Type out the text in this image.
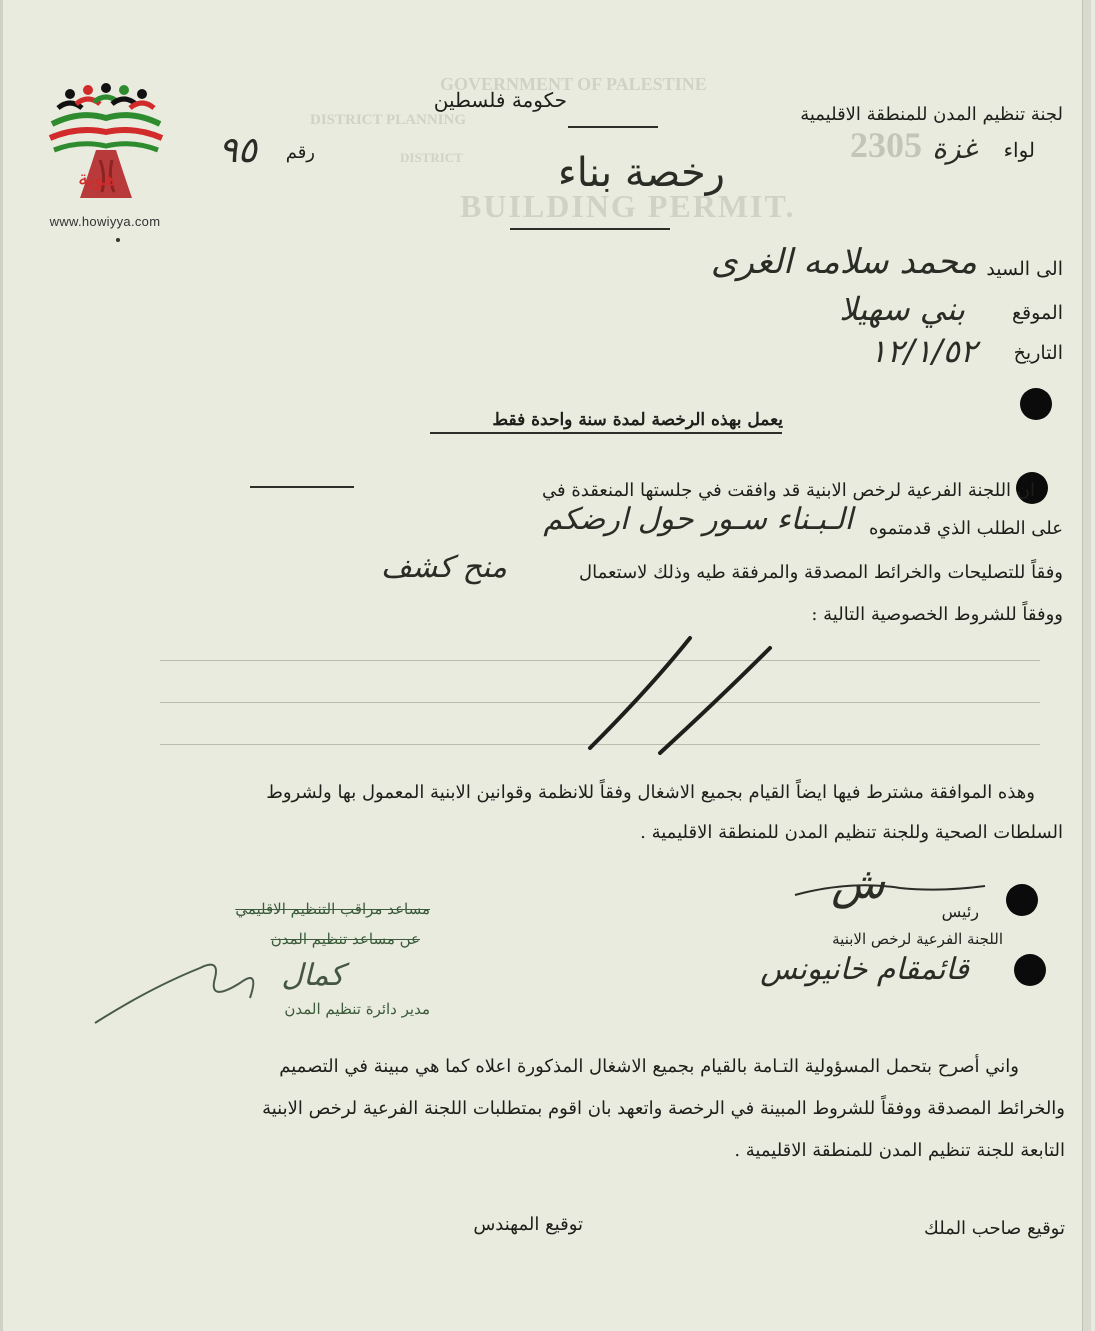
GOVERNMENT OF PALESTINE
DISTRICT PLANNING
DISTRICT
BUILDING PERMIT.
2305
هوية
www.howiyya.com
حكومة فلسطين
لجنة تنظيم المدن للمنطقة الاقليمية
لواء
غزة
رقم
٩٥	رخصة بناء
الى السيد
محمد سلامه الغرى
الموقع
بني سهيلا
التاريخ
١٢/١/٥٢
يعمل بهذه الرخصة لمدة سنة واحدة فقط
ان اللجنة الفرعية لرخص الابنية قد وافقت في جلستها المنعقدة في
على الطلب الذي قدمتموه
الـبـناء سـور حول ارضكم
وفقاً للتصليحات والخرائط المصدقة والمرفقة طيه وذلك لاستعمال
منح كشف
ووفقاً للشروط الخصوصية التالية :
وهذه الموافقة مشترط فيها ايضاً القيام بجميع الاشغال وفقاً للانظمة وقوانين الابنية المعمول بها ولشروط
السلطات الصحية وللجنة تنظيم المدن للمنطقة الاقليمية .
ش
رئيس
اللجنة الفرعية لرخص الابنية
قائمقام خانيونس
مساعد مراقب التنظيم الاقليمي
عن مساعد تنظيم المدن
كمال
مدير دائرة تنظيم المدن
واني أصرح بتحمل المسؤولية التـامة بالقيام بجميع الاشغال المذكورة اعلاه كما هي مبينة في التصميم
والخرائط المصدقة ووفقاً للشروط المبينة في الرخصة واتعهد بان اقوم بمتطلبات اللجنة الفرعية لرخص الابنية
التابعة للجنة تنظيم المدن للمنطقة الاقليمية .
توقيع صاحب الملك
توقيع المهندس
